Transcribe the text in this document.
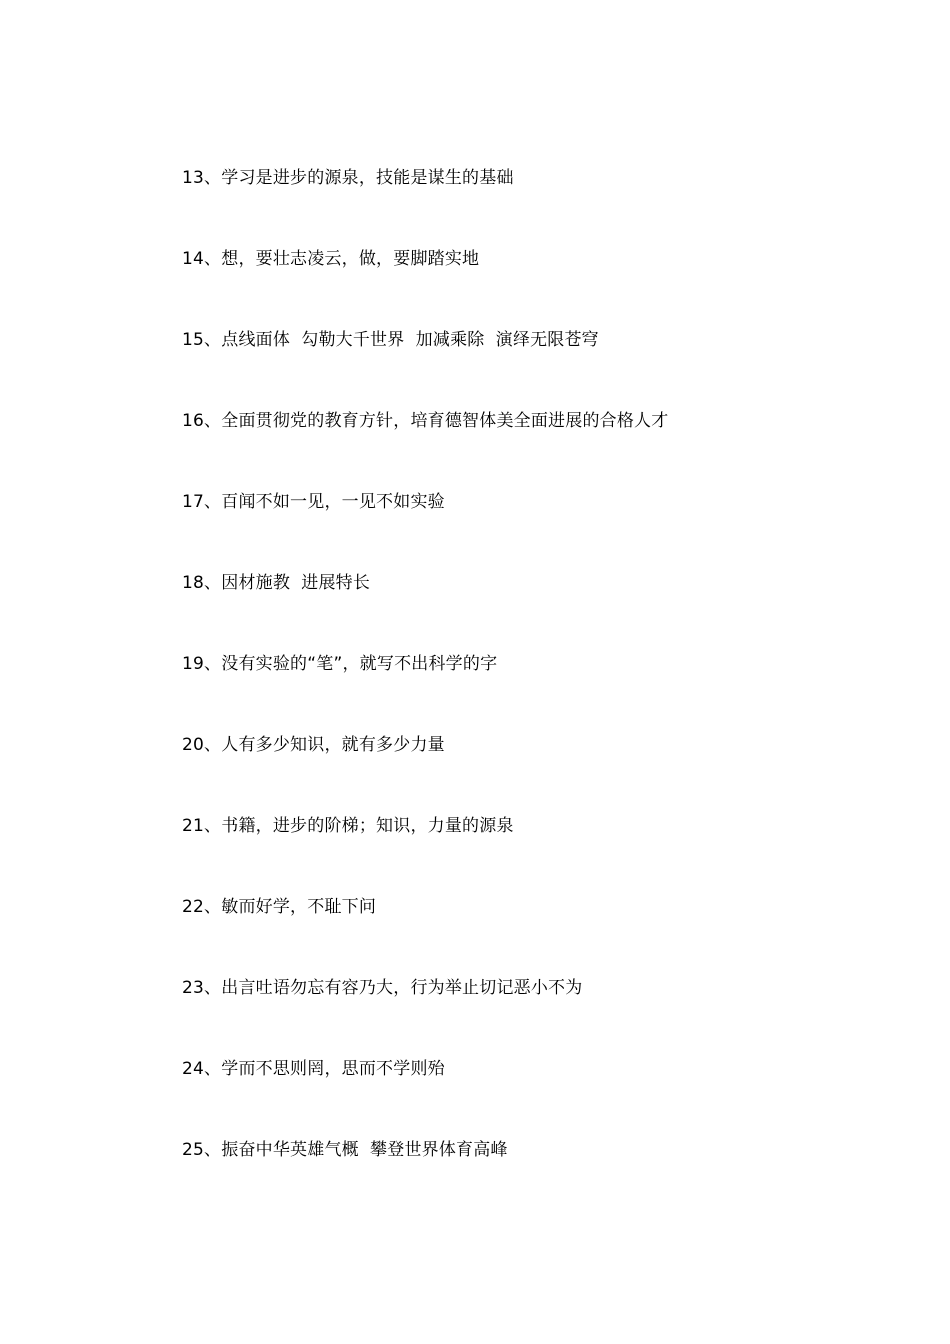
13、学习是进步的源泉，技能是谋生的基础
14、想，要壮志凌云，做，要脚踏实地
15、点线面体  勾勒大千世界  加减乘除  演绎无限苍穹
16、全面贯彻党的教育方针，培育德智体美全面进展的合格人才
17、百闻不如一见，一见不如实验
18、因材施教  进展特长
19、没有实验的“笔”，就写不出科学的字
20、人有多少知识，就有多少力量
21、书籍，进步的阶梯；知识，力量的源泉
22、敏而好学，不耻下问
23、出言吐语勿忘有容乃大，行为举止切记恶小不为
24、学而不思则罔，思而不学则殆
25、振奋中华英雄气概  攀登世界体育高峰
